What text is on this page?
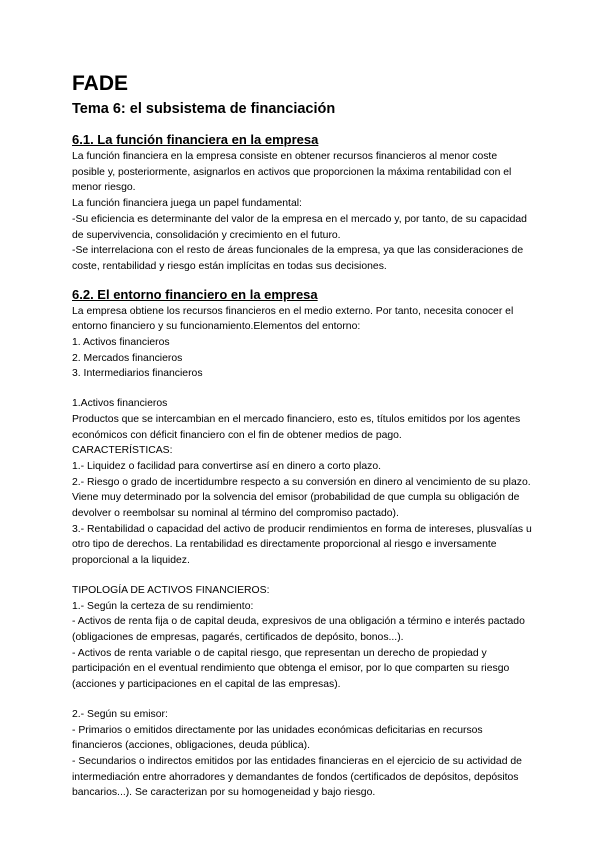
FADE
Tema 6: el subsistema de financiación
6.1. La función financiera en la empresa

La función financiera en la empresa consiste en obtener recursos financieros al menor coste posible y, posteriormente, asignarlos en activos que proporcionen la máxima rentabilidad con el menor riesgo.

La función financiera juega un papel fundamental:

-Su eficiencia es determinante del valor de la empresa en el mercado y, por tanto, de su capacidad de supervivencia, consolidación y crecimiento en el futuro.

-Se interrelaciona con el resto de áreas funcionales de la empresa, ya que las consideraciones de coste, rentabilidad y riesgo están implícitas en todas sus decisiones.

6.2. El entorno financiero en la empresa

La empresa obtiene los recursos financieros en el medio externo. Por tanto, necesita conocer el entorno financiero y su funcionamiento.Elementos del entorno:

1. Activos financieros

2. Mercados financieros

3. Intermediarios financieros

1.Activos financieros

Productos que se intercambian en el mercado financiero, esto es, títulos emitidos por los agentes económicos con déficit financiero con el fin de obtener medios de pago.

CARACTERÍSTICAS:

1.- Liquidez o facilidad para convertirse así en dinero a corto plazo.

2.- Riesgo o grado de incertidumbre respecto a su conversión en dinero al vencimiento de su plazo. Viene muy determinado por la solvencia del emisor (probabilidad de que cumpla su obligación de devolver o reembolsar su nominal al término del compromiso pactado).

3.- Rentabilidad o capacidad del activo de producir rendimientos en forma de intereses, plusvalías u otro tipo de derechos. La rentabilidad es directamente proporcional al riesgo e inversamente proporcional a la liquidez.

TIPOLOGÍA DE ACTIVOS FINANCIEROS:

1.- Según la certeza de su rendimiento:

- Activos de renta fija o de capital deuda, expresivos de una obligación a término e interés pactado (obligaciones de empresas, pagarés, certificados de depósito, bonos...).

- Activos de renta variable o de capital riesgo, que representan un derecho de propiedad y participación en el eventual rendimiento que obtenga el emisor, por lo que comparten su riesgo (acciones y participaciones en el capital de las empresas).

2.- Según su emisor:

- Primarios o emitidos directamente por las unidades económicas deficitarias en recursos financieros (acciones, obligaciones, deuda pública).

- Secundarios o indirectos emitidos por las entidades financieras en el ejercicio de su actividad de intermediación entre ahorradores y demandantes de fondos (certificados de depósitos, depósitos bancarios...). Se caracterizan por su homogeneidad y bajo riesgo.
